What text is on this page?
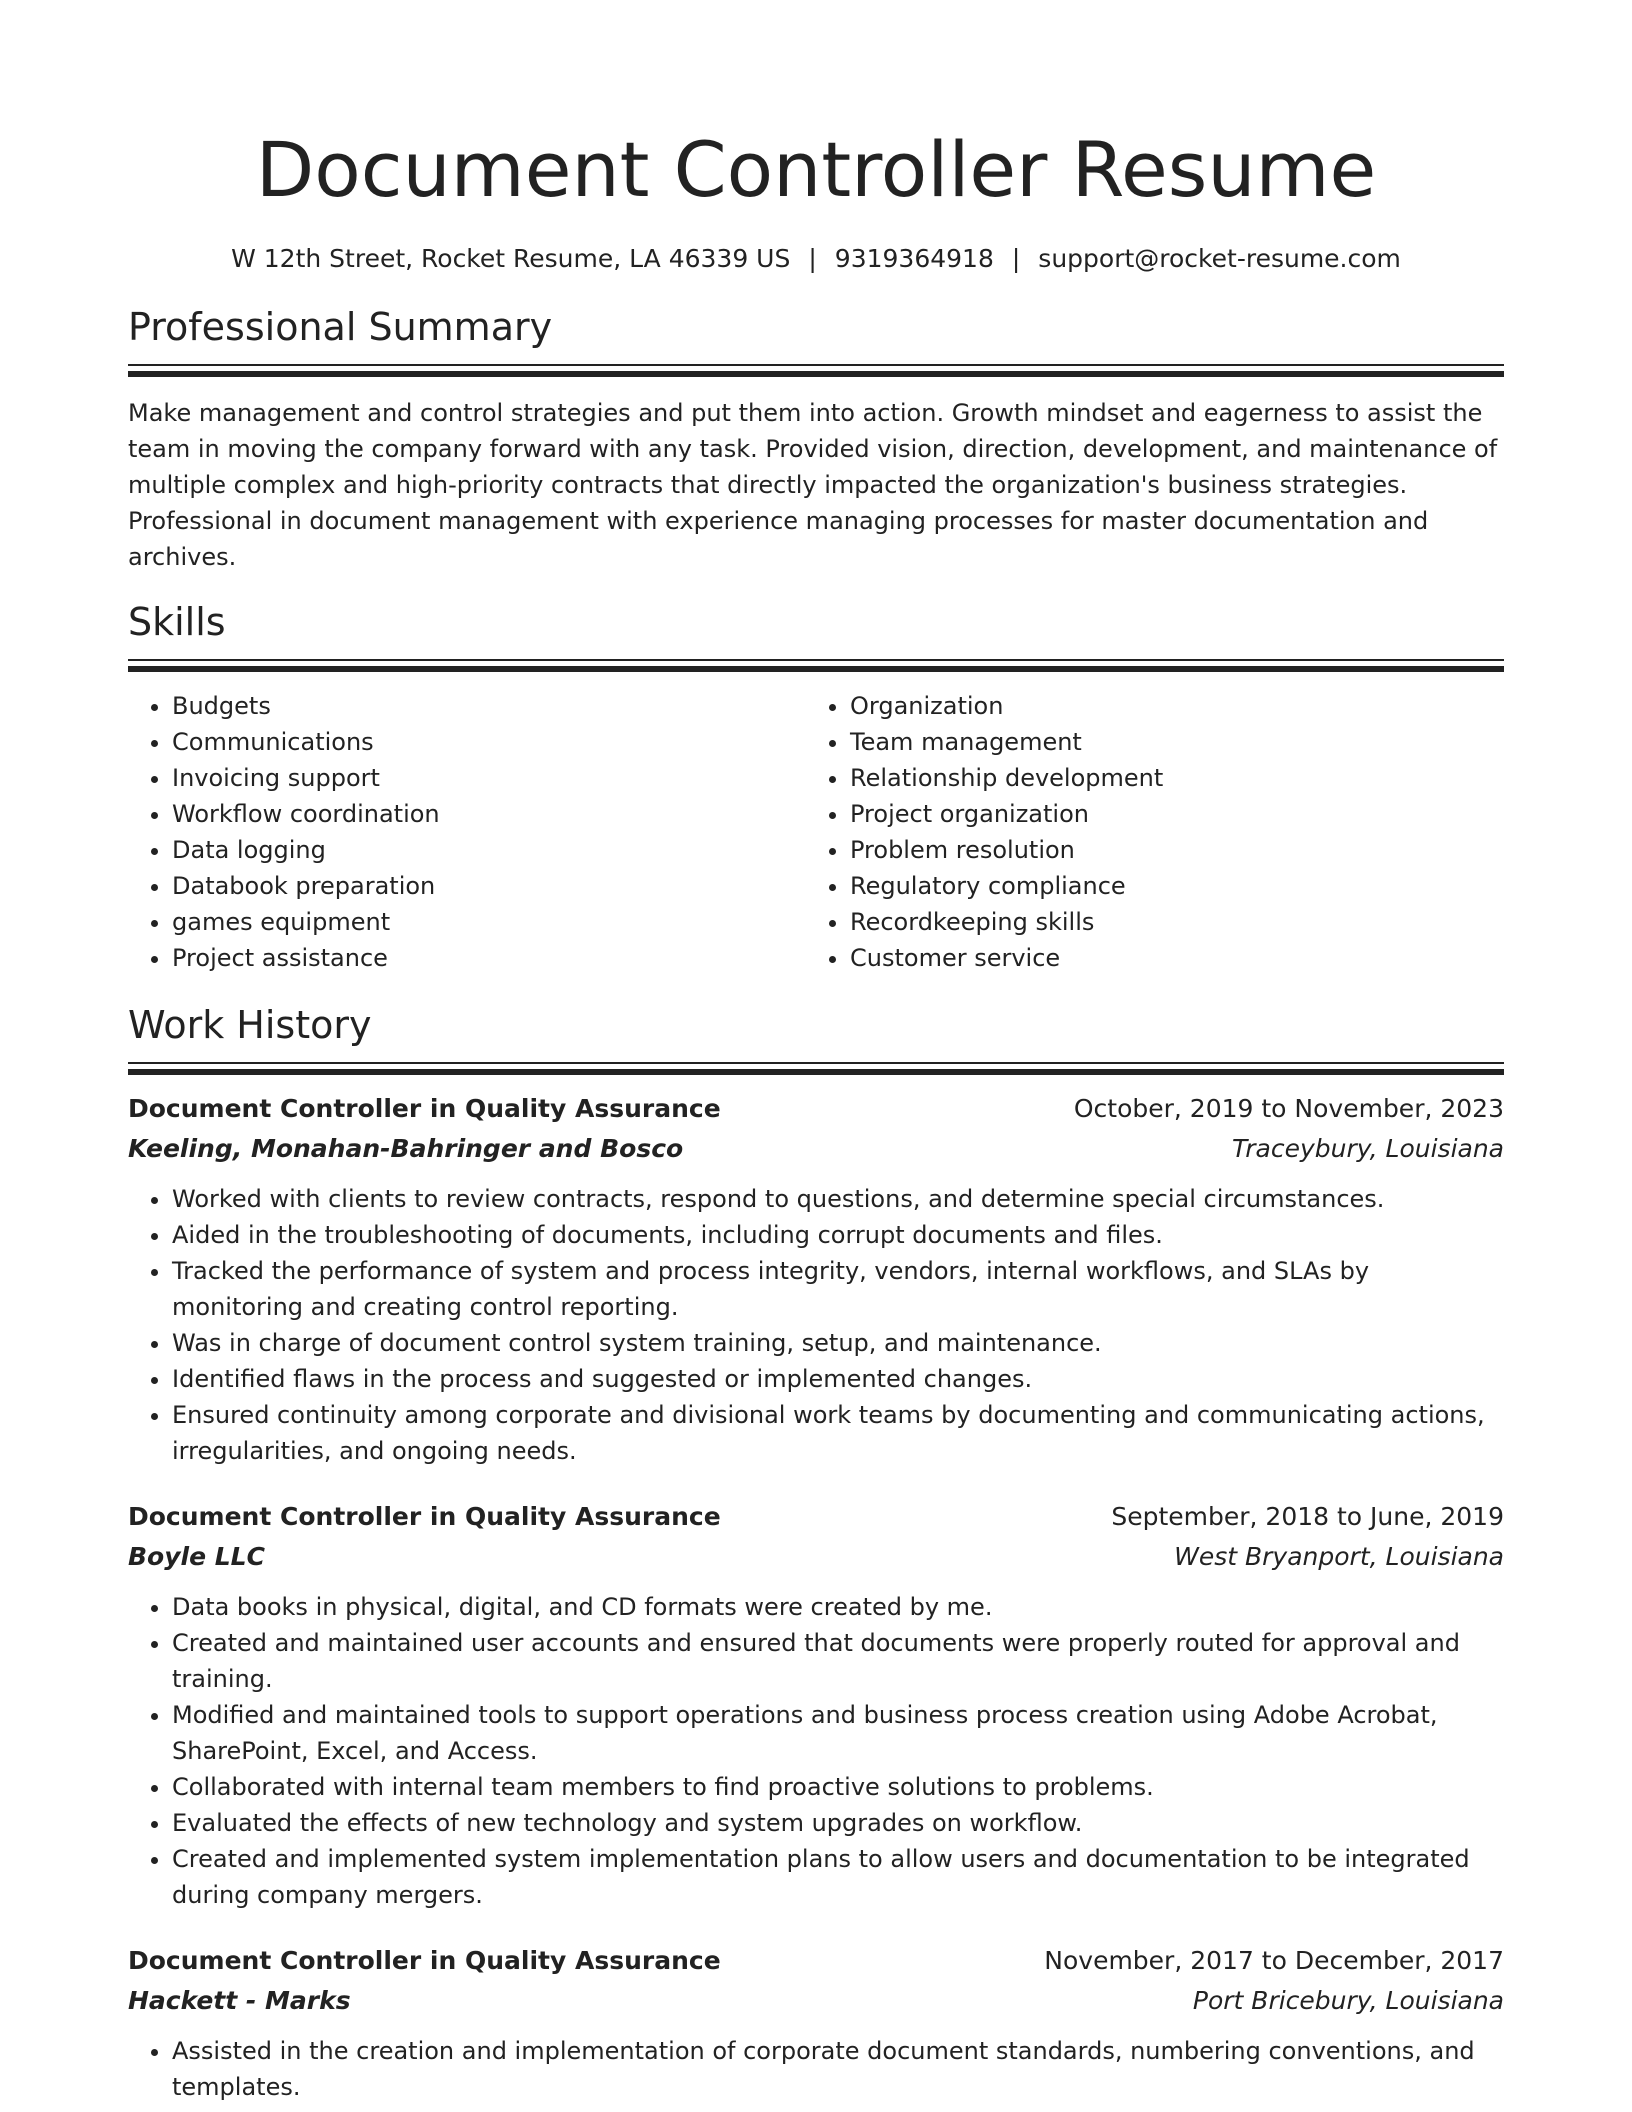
Document Controller Resume
W 12th Street, Rocket Resume, LA 46339 US | 9319364918 | support@rocket-resume.com
Professional Summary

Make management and control strategies and put them into action. Growth mindset and eagerness to assist the team in moving the company forward with any task. Provided vision, direction, development, and maintenance of multiple complex and high-priority contracts that directly impacted the organization's business strategies. Professional in document management with experience managing processes for master documentation and archives.

Skills
• Budgets
• Communications
• Invoicing support
• Workflow coordination
• Data logging
• Databook preparation
• games equipment
• Project assistance
• Organization
• Team management
• Relationship development
• Project organization
• Problem resolution
• Regulatory compliance
• Recordkeeping skills
• Customer service
Work History
Document Controller in Quality Assurance	October, 2019 to November, 2023
Keeling, Monahan-Bahringer and Bosco	Traceybury, Louisiana
• Worked with clients to review contracts, respond to questions, and determine special circumstances.
• Aided in the troubleshooting of documents, including corrupt documents and files.
• Tracked the performance of system and process integrity, vendors, internal workflows, and SLAs by monitoring and creating control reporting.
• Was in charge of document control system training, setup, and maintenance.
• Identified flaws in the process and suggested or implemented changes.
• Ensured continuity among corporate and divisional work teams by documenting and communicating actions, irregularities, and ongoing needs.
Document Controller in Quality Assurance	September, 2018 to June, 2019
Boyle LLC	West Bryanport, Louisiana
• Data books in physical, digital, and CD formats were created by me.
• Created and maintained user accounts and ensured that documents were properly routed for approval and training.
• Modified and maintained tools to support operations and business process creation using Adobe Acrobat, SharePoint, Excel, and Access.
• Collaborated with internal team members to find proactive solutions to problems.
• Evaluated the effects of new technology and system upgrades on workflow.
• Created and implemented system implementation plans to allow users and documentation to be integrated during company mergers.
Document Controller in Quality Assurance	November, 2017 to December, 2017
Hackett - Marks	Port Bricebury, Louisiana
• Assisted in the creation and implementation of corporate document standards, numbering conventions, and templates.
